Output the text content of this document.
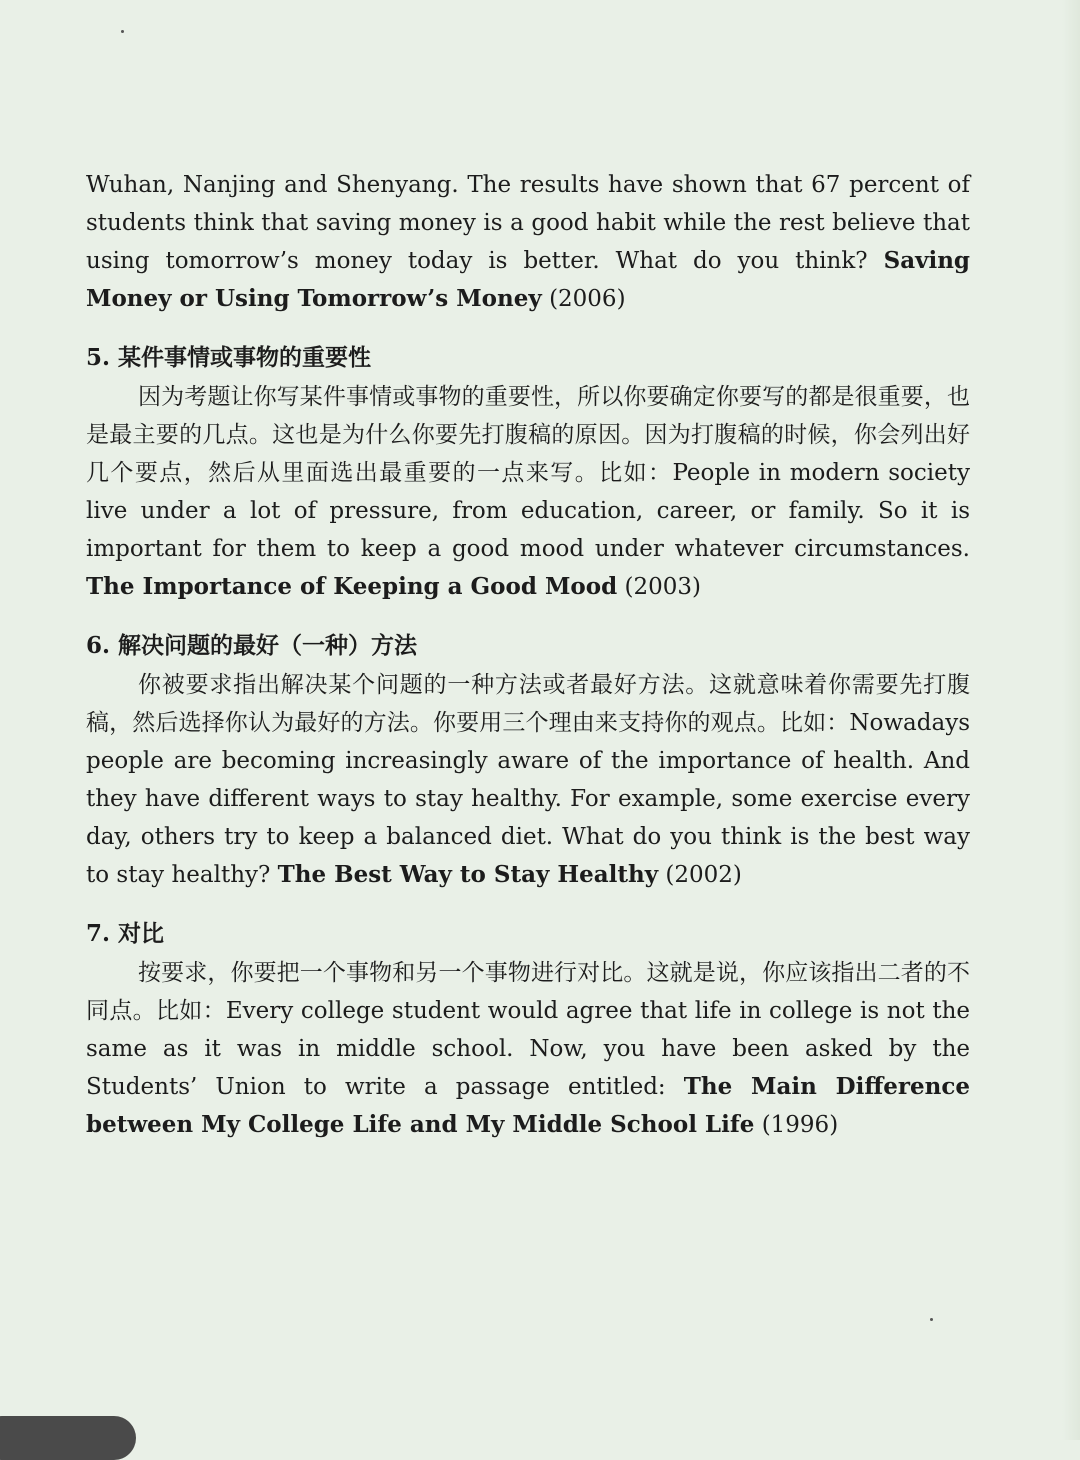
Wuhan, Nanjing and Shenyang. The results have shown that 67 percent of students think that saving money is a good habit while the rest believe that using tomorrow’s money today is better. What do you think? Saving Money or Using Tomorrow’s Money (2006)

5. 某件事情或事物的重要性

因为考题让你写某件事情或事物的重要性，所以你要确定你要写的都是很重要，也是最主要的几点。这也是为什么你要先打腹稿的原因。因为打腹稿的时候，你会列出好几个要点，然后从里面选出最重要的一点来写。比如：People in modern society live under a lot of pressure, from education, career, or family. So it is important for them to keep a good mood under whatever circumstances. The Importance of Keeping a Good Mood (2003)

6. 解决问题的最好（一种）方法

你被要求指出解决某个问题的一种方法或者最好方法。这就意味着你需要先打腹稿，然后选择你认为最好的方法。你要用三个理由来支持你的观点。比如：Nowadays people are becoming increasingly aware of the importance of health. And they have different ways to stay healthy. For example, some exercise every day, others try to keep a balanced diet. What do you think is the best way to stay healthy? The Best Way to Stay Healthy (2002)

7. 对比

按要求，你要把一个事物和另一个事物进行对比。这就是说，你应该指出二者的不同点。比如：Every college student would agree that life in college is not the same as it was in middle school. Now, you have been asked by the Students’ Union to write a passage entitled: The Main Difference between My College Life and My Middle School Life (1996)
